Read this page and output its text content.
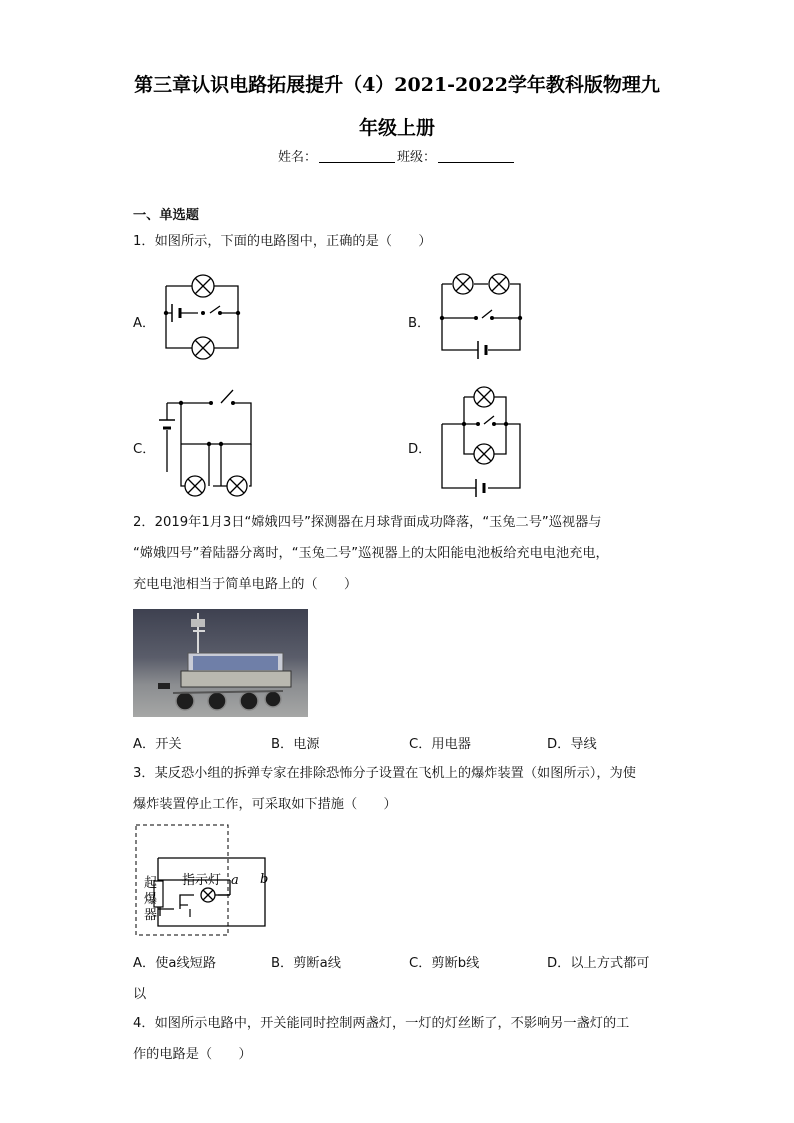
第三章认识电路拓展提升（4）2021-2022学年教科版物理九
年级上册
姓名：	班级：
一、单选题
1．如图所示，下面的电路图中，正确的是（　　）
A．	B．
C．	D．
2．2019年1月3日“嫦娥四号”探测器在月球背面成功降落，“玉兔二号”巡视器与
“嫦娥四号”着陆器分离时，“玉兔二号”巡视器上的太阳能电池板给充电电池充电，
充电电池相当于简单电路上的（　　）
A．开关	B．电源	C．用电器	D．导线
3．某反恐小组的拆弹专家在排除恐怖分子设置在飞机上的爆炸装置（如图所示），为使
爆炸装置停止工作，可采取如下措施（　　）
起
爆
器
指示灯 a b
A．使a线短路	B．剪断a线	C．剪断b线	D．以上方式都可
以
4．如图所示电路中，开关能同时控制两盏灯，一灯的灯丝断了，不影响另一盏灯的工
作的电路是（　　）
